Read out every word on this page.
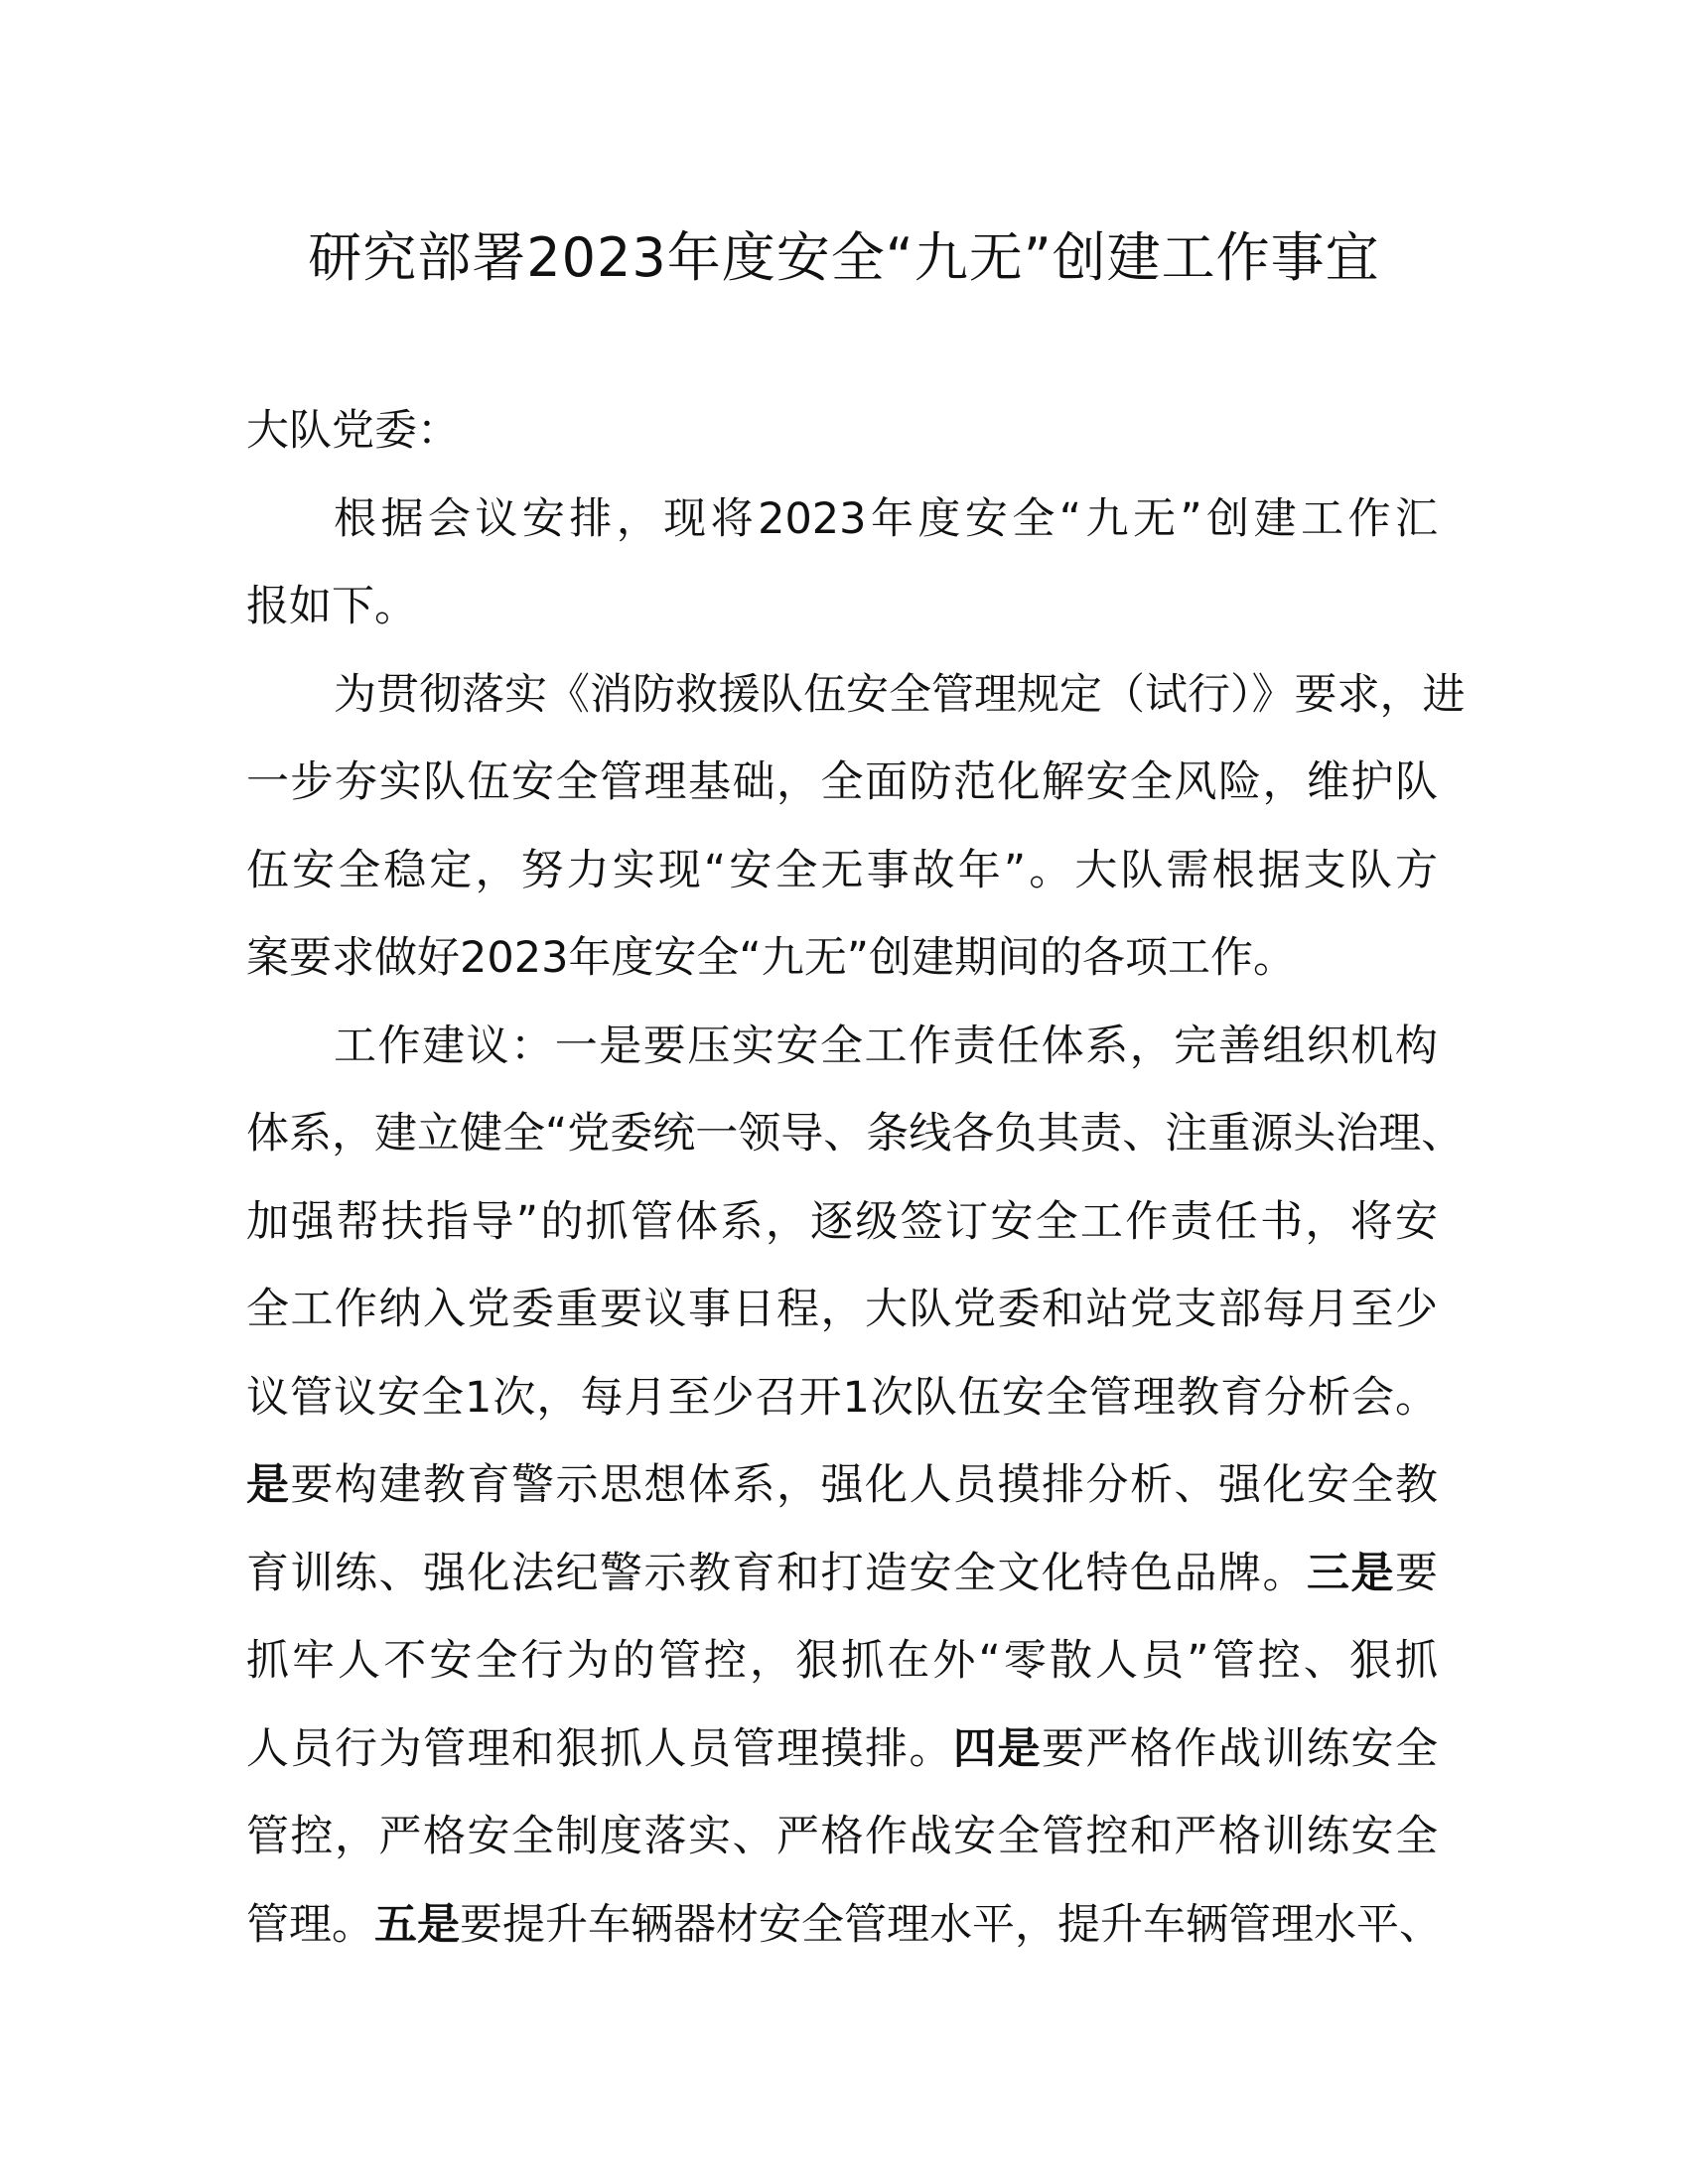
研究部署2023年度安全“九无”创建工作事宜
大队党委：
根据会议安排，现将2023年度安全“九无”创建工作汇
报如下。
为贯彻落实《消防救援队伍安全管理规定（试行）》要求，进
一步夯实队伍安全管理基础，全面防范化解安全风险，维护队
伍安全稳定，努力实现“安全无事故年”。大队需根据支队方
案要求做好2023年度安全“九无”创建期间的各项工作。
工作建议：一是要压实安全工作责任体系，完善组织机构
体系，建立健全“党委统一领导、条线各负其责、注重源头治理、
加强帮扶指导”的抓管体系，逐级签订安全工作责任书，将安
全工作纳入党委重要议事日程，大队党委和站党支部每月至少
议管议安全1次，每月至少召开1次队伍安全管理教育分析会。
是要构建教育警示思想体系，强化人员摸排分析、强化安全教
育训练、强化法纪警示教育和打造安全文化特色品牌。三是要
抓牢人不安全行为的管控，狠抓在外“零散人员”管控、狠抓
人员行为管理和狠抓人员管理摸排。四是要严格作战训练安全
管控，严格安全制度落实、严格作战安全管控和严格训练安全
管理。五是要提升车辆器材安全管理水平，提升车辆管理水平、
